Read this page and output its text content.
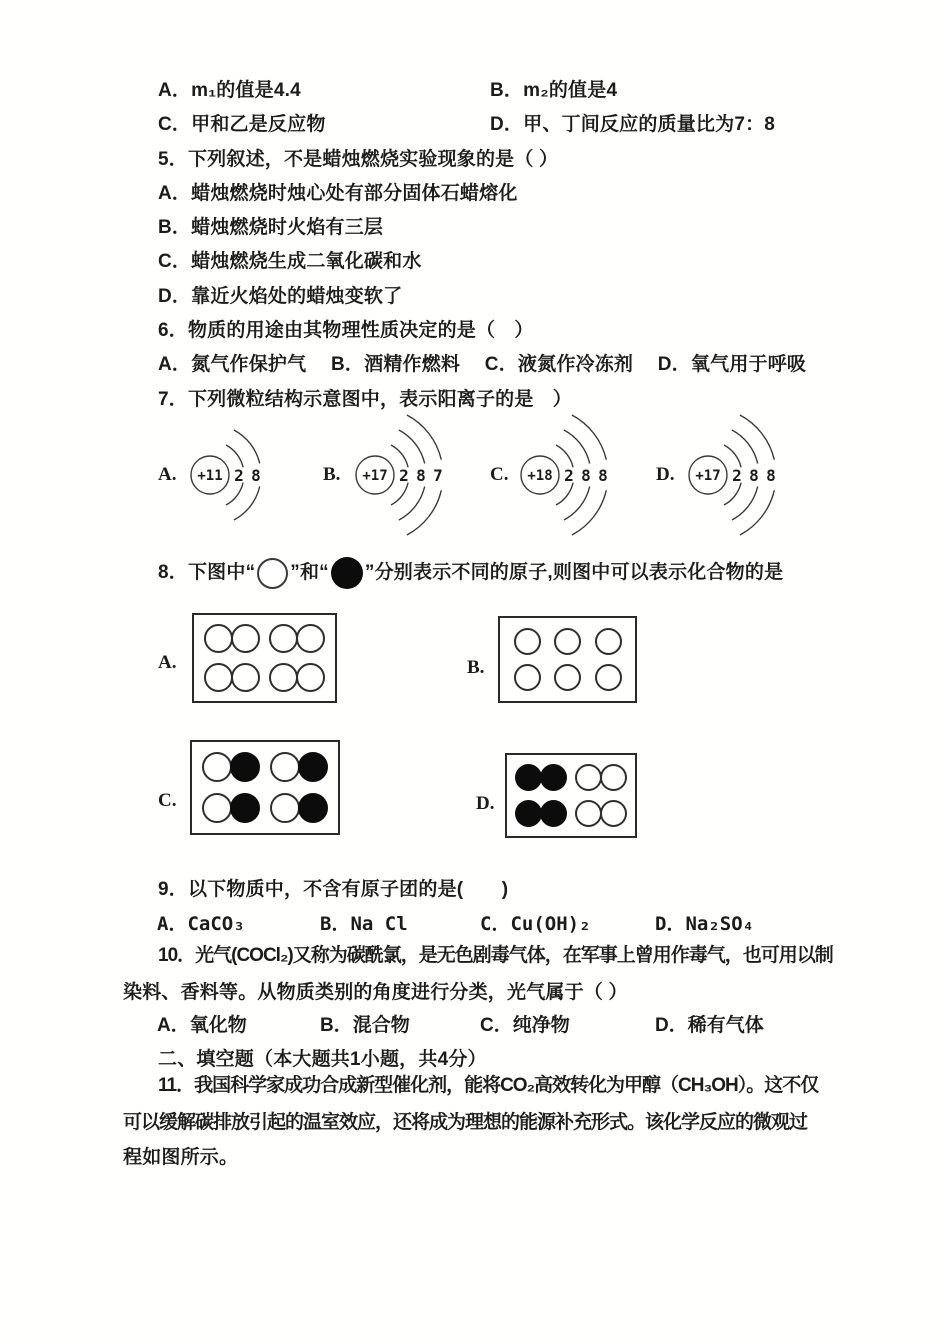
A．m₁的值是4.4	B．m₂的值是4
C．甲和乙是反应物	D．甲、丁间反应的质量比为7：8
5．下列叙述，不是蜡烛燃烧实验现象的是（ ）
A．蜡烛燃烧时烛心处有部分固体石蜡熔化
B．蜡烛燃烧时火焰有三层
C．蜡烛燃烧生成二氧化碳和水
D．靠近火焰处的蜡烛变软了
6．物质的用途由其物理性质决定的是（　）
A．氮气作保护气　 B．酒精作燃料　 C．液氮作冷冻剂　 D．氧气用于呼吸
7．下列微粒结构示意图中，表示阳离子的是　）
A. +11 2 8	B. +17 2 8 7 C. +18 2 8 8	D. +17 2 8 8
8．下图中“ ”和“ ”分别表示不同的原子,则图中可以表示化合物的是
A.	B.
C.	D.
9．以下物质中，不含有原子团的是(　　)
A．CaCO₃	B．Na Cl	C．Cu(OH)₂	D．Na₂SO₄
10．光气(COCl₂)又称为碳酰氯，是无色剧毒气体，在军事上曾用作毒气，也可用以制
染料、香料等。从物质类别的角度进行分类，光气属于（ ）
A．氧化物	B．混合物	C．纯净物	D．稀有气体
二、填空题（本大题共1小题，共4分）
11．我国科学家成功合成新型催化剂，能将CO₂高效转化为甲醇（CH₃OH）。这不仅
可以缓解碳排放引起的温室效应，还将成为理想的能源补充形式。该化学反应的微观过
程如图所示。
